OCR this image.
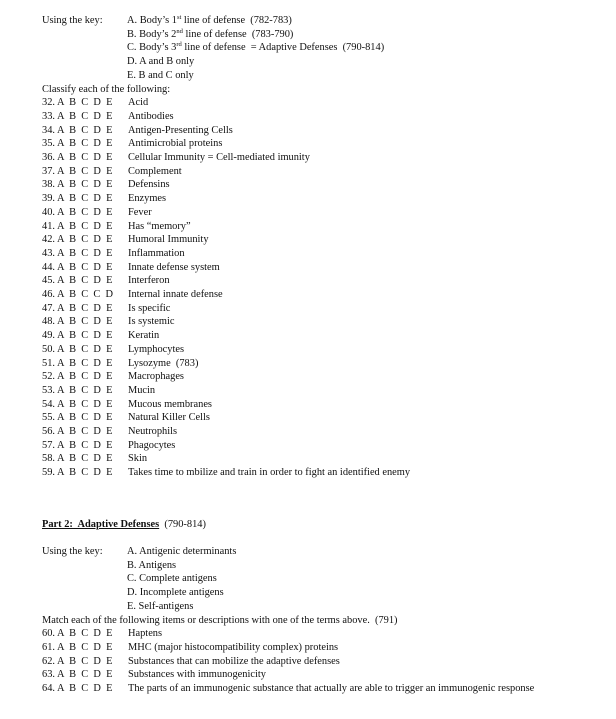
Using the key: A. Body’s 1st line of defense  (782-783)
B. Body’s 2nd line of defense  (783-790)
C. Body’s 3rd line of defense  = Adaptive Defenses  (790-814)
D. A and B only
E. B and C only
Classify each of the following:
32. A  B  C  D  E Acid
33. A  B  C  D  E Antibodies
34. A  B  C  D  E Antigen-Presenting Cells
35. A  B  C  D  E Antimicrobial proteins
36. A  B  C  D  E Cellular Immunity = Cell-mediated imunity
37. A  B  C  D  E Complement
38. A  B  C  D  E Defensins
39. A  B  C  D  E Enzymes
40. A  B  C  D  E Fever
41. A  B  C  D  E Has “memory”
42. A  B  C  D  E Humoral Immunity
43. A  B  C  D  E Inflammation
44. A  B  C  D  E Innate defense system
45. A  B  C  D  E Interferon
46. A  B  C  C  D Internal innate defense
47. A  B  C  D  E Is specific
48. A  B  C  D  E Is systemic
49. A  B  C  D  E Keratin
50. A  B  C  D  E Lymphocytes
51. A  B  C  D  E Lysozyme  (783)
52. A  B  C  D  E Macrophages
53. A  B  C  D  E Mucin
54. A  B  C  D  E Mucous membranes
55. A  B  C  D  E Natural Killer Cells
56. A  B  C  D  E Neutrophils
57. A  B  C  D  E Phagocytes
58. A  B  C  D  E Skin
59. A  B  C  D  E Takes time to mbilize and train in order to fight an identified enemy
Part 2:  Adaptive Defenses  (790-814)
Using the key: A. Antigenic determinants
B. Antigens
C. Complete antigens
D. Incomplete antigens
E. Self-antigens
Match each of the following items or descriptions with one of the terms above.  (791)
60. A  B  C  D  E Haptens
61. A  B  C  D  E MHC (major histocompatibility complex) proteins
62. A  B  C  D  E Substances that can mobilize the adaptive defenses
63. A  B  C  D  E Substances with immunogenicity
64. A  B  C  D  E The parts of an immunogenic substance that actually are able to trigger an immunogenic response
